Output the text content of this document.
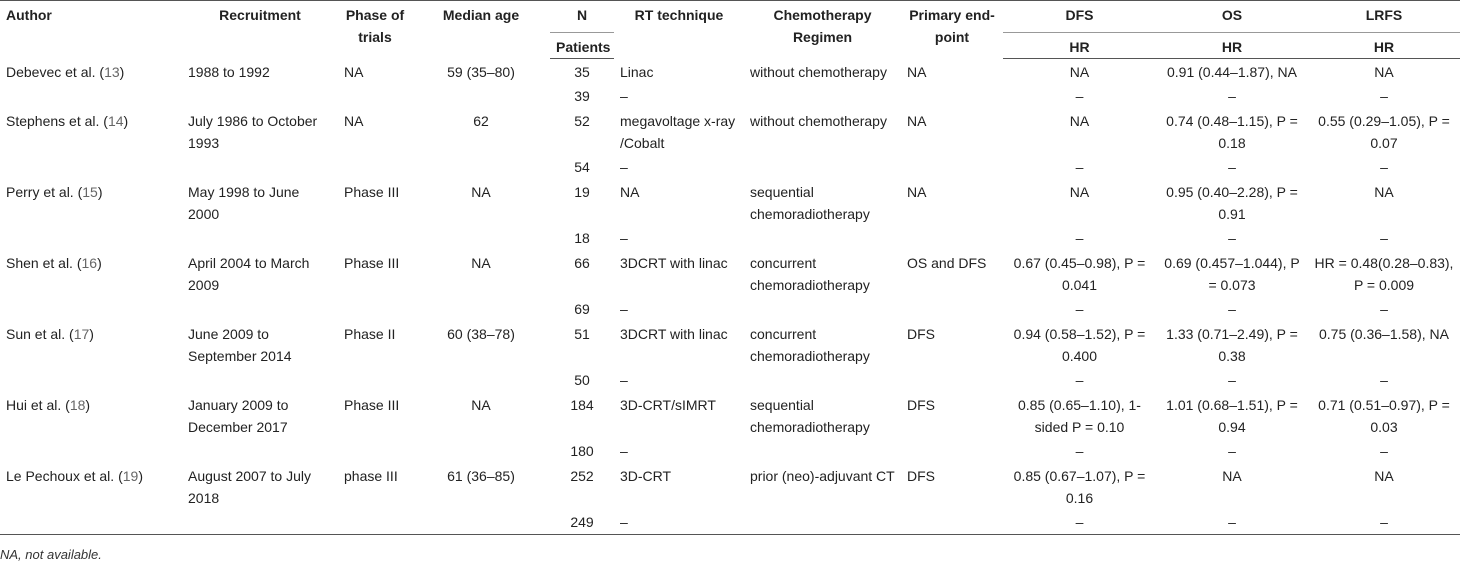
Author	Recruitment	Phase of trials	Median age	N	RT technique	Chemotherapy Regimen	Primary end-point	DFS	OS	LRFS
				Patients				HR	HR	HR
Debevec et al. (13)	1988 to 1992	NA	59 (35–80)	35	Linac	without chemotherapy	NA	NA	0.91 (0.44–1.87), NA	NA
				39	–			–	–	–
Stephens et al. (14)	July 1986 to October 1993	NA	62	52	megavoltage x-ray /Cobalt	without chemotherapy	NA	NA	0.74 (0.48–1.15), P = 0.18	0.55 (0.29–1.05), P = 0.07
				54	–			–	–	–
Perry et al. (15)	May 1998 to June 2000	Phase III	NA	19	NA	sequential chemoradiotherapy	NA	NA	0.95 (0.40–2.28), P = 0.91	NA
				18	–			–	–	–
Shen et al. (16)	April 2004 to March 2009	Phase III	NA	66	3DCRT with linac	concurrent chemoradiotherapy	OS and DFS	0.67 (0.45–0.98), P = 0.041	0.69 (0.457–1.044), P = 0.073	HR = 0.48(0.28–0.83), P = 0.009
				69	–			–	–	–
Sun et al. (17)	June 2009 to September 2014	Phase II	60 (38–78)	51	3DCRT with linac	concurrent chemoradiotherapy	DFS	0.94 (0.58–1.52), P = 0.400	1.33 (0.71–2.49), P = 0.38	0.75 (0.36–1.58), NA
				50	–			–	–	–
Hui et al. (18)	January 2009 to December 2017	Phase III	NA	184	3D-CRT/sIMRT	sequential chemoradiotherapy	DFS	0.85 (0.65–1.10), 1-sided P = 0.10	1.01 (0.68–1.51), P = 0.94	0.71 (0.51–0.97), P = 0.03
				180	–			–	–	–
Le Pechoux et al. (19)	August 2007 to July 2018	phase III	61 (36–85)	252	3D-CRT	prior (neo)-adjuvant CT	DFS	0.85 (0.67–1.07), P = 0.16	NA	NA
				249	–			–	–	–
NA, not available.
